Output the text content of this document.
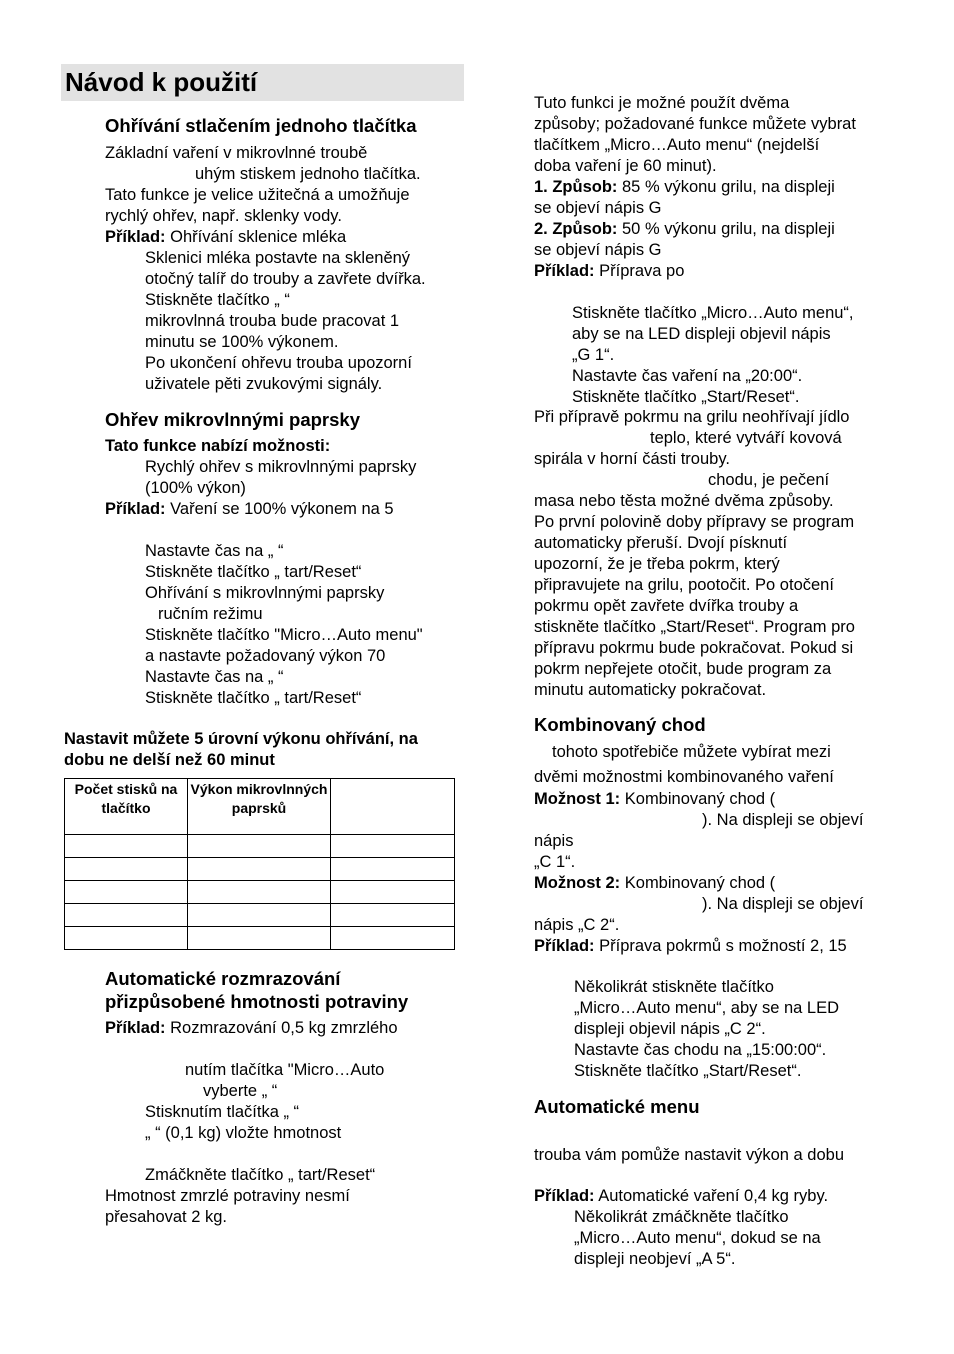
Návod k použití
Ohřívání stlačením jednoho tlačítka
Základní vaření v mikrovlnné troubě
uhým stiskem jednoho tlačítka.
Tato funkce je velice užitečná a umožňuje
rychlý ohřev, např. sklenky vody.
Příklad: Ohřívání sklenice mléka
Sklenici mléka postavte na skleněný
otočný talíř do trouby a zavřete dvířka.
Stiskněte tlačítko „ “
mikrovlnná trouba bude pracovat 1
minutu se 100% výkonem.
Po ukončení ohřevu trouba upozorní
uživatele pěti zvukovými signály.
Ohřev mikrovlnnými paprsky
Tato funkce nabízí možnosti:
Rychlý ohřev s mikrovlnnými paprsky
(100% výkon)
Příklad: Vaření se 100% výkonem na 5
Nastavte čas na „ “
Stiskněte tlačítko „ tart/Reset“
Ohřívání s mikrovlnnými paprsky
ručním režimu
Stiskněte tlačítko "Micro…Auto menu"
a nastavte požadovaný výkon 70
Nastavte čas na „ “
Stiskněte tlačítko „ tart/Reset“
Nastavit můžete 5 úrovní výkonu ohřívání, na
dobu ne delší než 60 minut
Počet stisků na tlačítko	Výkon mikrovlnných paprsků	

Automatické rozmrazování
přizpůsobené hmotnosti potraviny
Příklad: Rozmrazování 0,5 kg zmrzlého
nutím tlačítka "Micro…Auto
vyberte „ “
Stisknutím tlačítka „ “
„ “ (0,1 kg) vložte hmotnost
Zmáčkněte tlačítko „ tart/Reset“
Hmotnost zmrzlé potraviny nesmí
přesahovat 2 kg.
Tuto funkci je možné použít dvěma
způsoby; požadované funkce můžete vybrat
tlačítkem „Micro…Auto menu“ (nejdelší
doba vaření je 60 minut).
1. Způsob: 85 % výkonu grilu, na displeji
se objeví nápis G
2. Způsob: 50 % výkonu grilu, na displeji
se objeví nápis G
Příklad: Příprava po
Stiskněte tlačítko „Micro…Auto menu“,
aby se na LED displeji objevil nápis
„G 1“.
Nastavte čas vaření na „20:00“.
Stiskněte tlačítko „Start/Reset“.
Při přípravě pokrmu na grilu neohřívají jídlo
teplo, které vytváří kovová
spirála v horní části trouby.
chodu, je pečení
masa nebo těsta možné dvěma způsoby.
Po první polovině doby přípravy se program
automaticky přeruší. Dvojí písknutí
upozorní, že je třeba pokrm, který
připravujete na grilu, pootočit. Po otočení
pokrmu opět zavřete dvířka trouby a
stiskněte tlačítko „Start/Reset“. Program pro
přípravu pokrmu bude pokračovat. Pokud si
pokrm nepřejete otočit, bude program za
minutu automaticky pokračovat.
Kombinovaný chod
tohoto spotřebiče můžete vybírat mezi
dvěmi možnostmi kombinovaného vaření
Možnost 1: Kombinovaný chod (
). Na displeji se objeví
nápis
„C 1“.
Možnost 2: Kombinovaný chod (
). Na displeji se objeví
nápis „C 2“.
Příklad: Příprava pokrmů s možností 2, 15
Několikrát stiskněte tlačítko
„Micro…Auto menu“, aby se na LED
displeji objevil nápis „C 2“.
Nastavte čas chodu na „15:00:00“.
Stiskněte tlačítko „Start/Reset“.
Automatické menu
trouba vám pomůže nastavit výkon a dobu
Příklad: Automatické vaření 0,4 kg ryby.
Několikrát zmáčkněte tlačítko
„Micro…Auto menu“, dokud se na
displeji neobjeví „A 5“.
